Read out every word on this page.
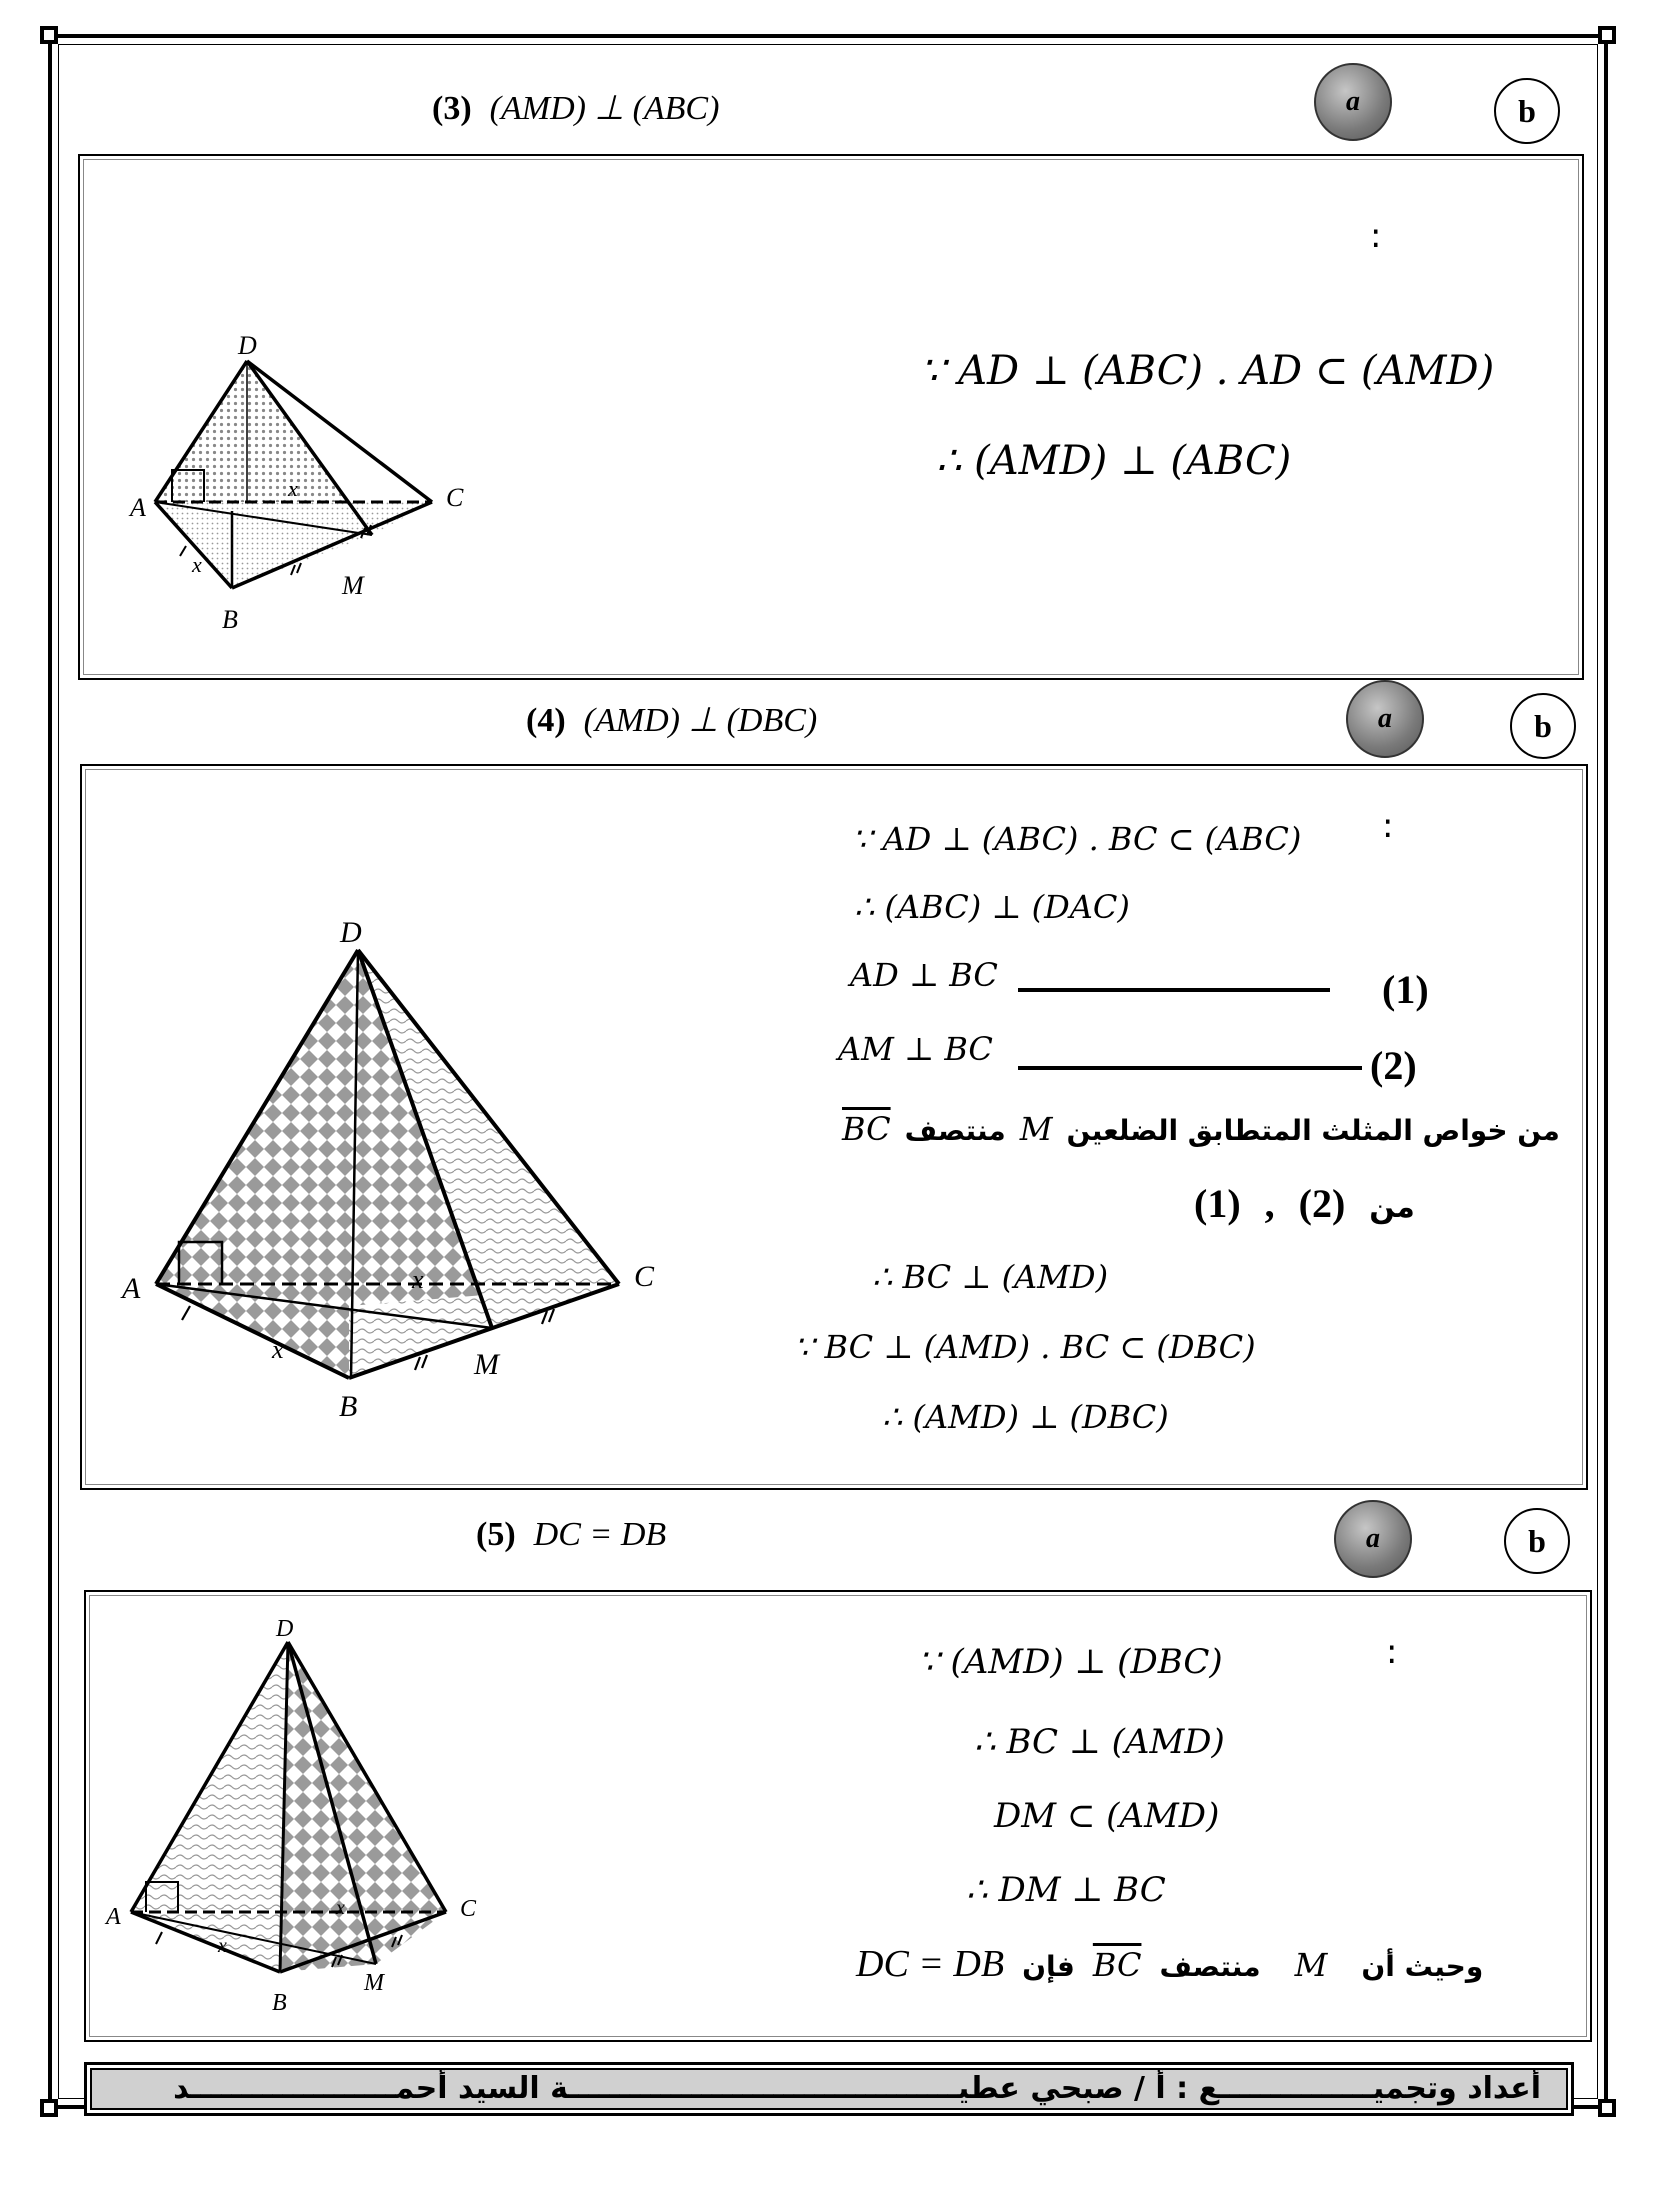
(3) (AMD) ⊥ (ABC)	a	b
D
A
B
C
M
x
x
:
∵ AD ⊥ (ABC) . AD ⊂ (AMD)
∴ (AMD) ⊥ (ABC)
(4) (AMD) ⊥ (DBC)	a	b
D
A
B
C
M
x
x
:
∵ AD ⊥ (ABC) . BC ⊂ (ABC)
∴ (ABC) ⊥ (DAC)
AD ⊥ BC	(1)
AM ⊥ BC	(2)
$\overline{BC}$ منتصف M من خواص المثلث المتطابق الضلعين
(1) , (2) من
∴ BC ⊥ (AMD)
∵ BC ⊥ (AMD) . BC ⊂ (DBC)
∴ (AMD) ⊥ (DBC)
(5) DC = DB	a	b
D
A
B
C
M
x
x
:
∵ (AMD) ⊥ (DBC)
∴ BC ⊥ (AMD)
DM ⊂ (AMD)
∴ DM ⊥ BC
DC = DB فإن $\overline{BC}$ منتصف M وحيث أن
أعداد وتجميـــــــــــــــع : أ / صبحي عطيــــــــــــــــــــــــــــــــــــــة السيد أحمــــــــــــــــــــد
